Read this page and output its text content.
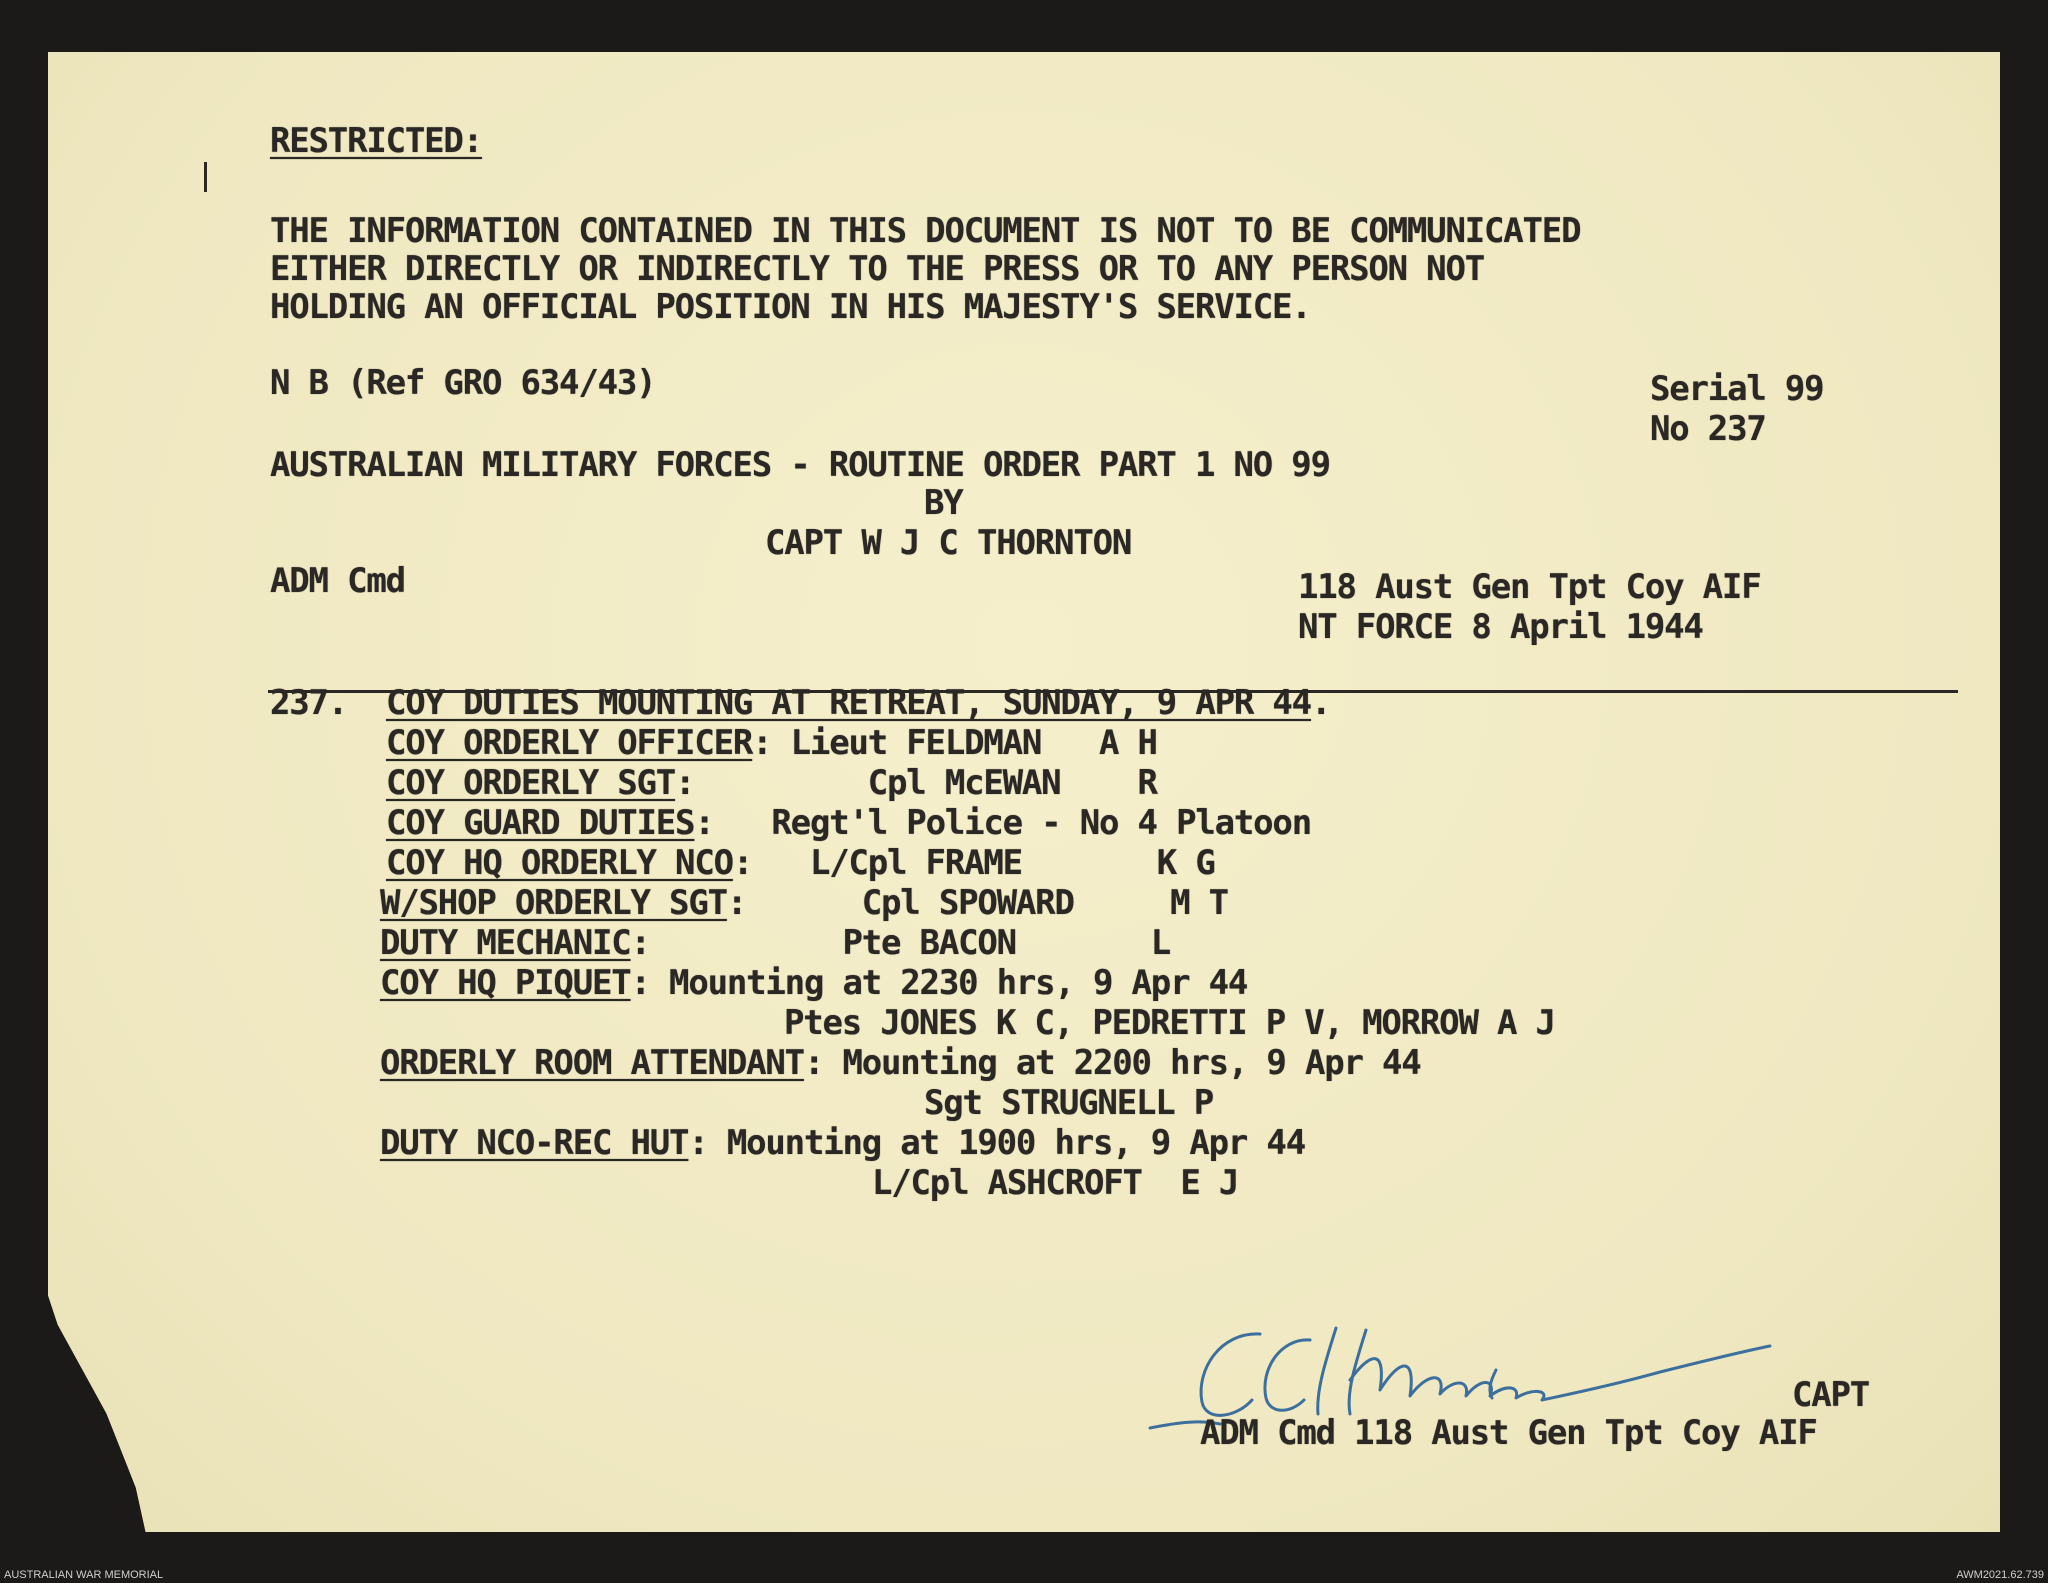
RESTRICTED:
THE INFORMATION CONTAINED IN THIS DOCUMENT IS NOT TO BE COMMUNICATED
EITHER DIRECTLY OR INDIRECTLY TO THE PRESS OR TO ANY PERSON NOT
HOLDING AN OFFICIAL POSITION IN HIS MAJESTY'S SERVICE.
N B (Ref GRO 634/43)	Serial 99
No 237
AUSTRALIAN MILITARY FORCES - ROUTINE ORDER PART 1 NO 99
BY
CAPT W J C THORNTON
ADM Cmd	118 Aust Gen Tpt Coy AIF
NT FORCE 8 April 1944
237. COY DUTIES MOUNTING AT RETREAT, SUNDAY, 9 APR 44.
COY ORDERLY OFFICER: Lieut FELDMAN   A H
COY ORDERLY SGT:         Cpl McEWAN    R
COY GUARD DUTIES:   Regt'l Police - No 4 Platoon
COY HQ ORDERLY NCO:   L/Cpl FRAME       K G
W/SHOP ORDERLY SGT:      Cpl SPOWARD     M T
DUTY MECHANIC:          Pte BACON       L
COY HQ PIQUET: Mounting at 2230 hrs, 9 Apr 44
Ptes JONES K C, PEDRETTI P V, MORROW A J
ORDERLY ROOM ATTENDANT: Mounting at 2200 hrs, 9 Apr 44
Sgt STRUGNELL P
DUTY NCO-REC HUT: Mounting at 1900 hrs, 9 Apr 44
L/Cpl ASHCROFT  E J
CAPT
ADM Cmd 118 Aust Gen Tpt Coy AIF
AUSTRALIAN WAR MEMORIAL	AWM2021.62.739
